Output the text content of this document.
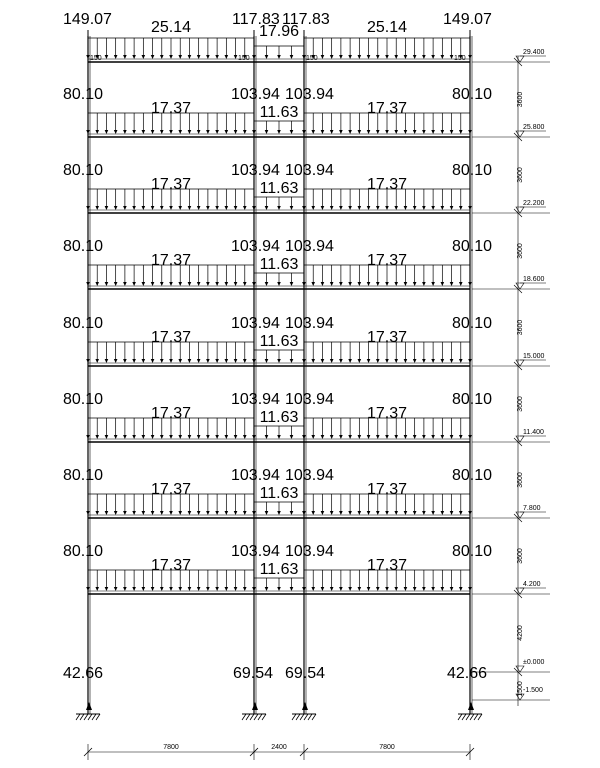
29.400
25.800
22.200
18.600
15.000
11.400
7.800
4.200
±0.000
-1.500
3600
3600
3600
3600
3600
3600
3600
4200
1500
7800	2400	7800
149.07	117.83 117.83	149.07
25.14	17.96	25.14
150	150	150	150
80.10	103.94 103.94	80.10
17.37	11.63	17.37
80.10	103.94 103.94	80.10
17.37	11.63	17.37
80.10	103.94 103.94	80.10
17.37	11.63	17.37
80.10	103.94 103.94	80.10
17.37	11.63	17.37
80.10	103.94 103.94	80.10
17.37	11.63	17.37
80.10	103.94 103.94	80.10
17.37	11.63	17.37
80.10	103.94 103.94	80.10
17.37	11.63	17.37
42.66	69.54 69.54	42.66
